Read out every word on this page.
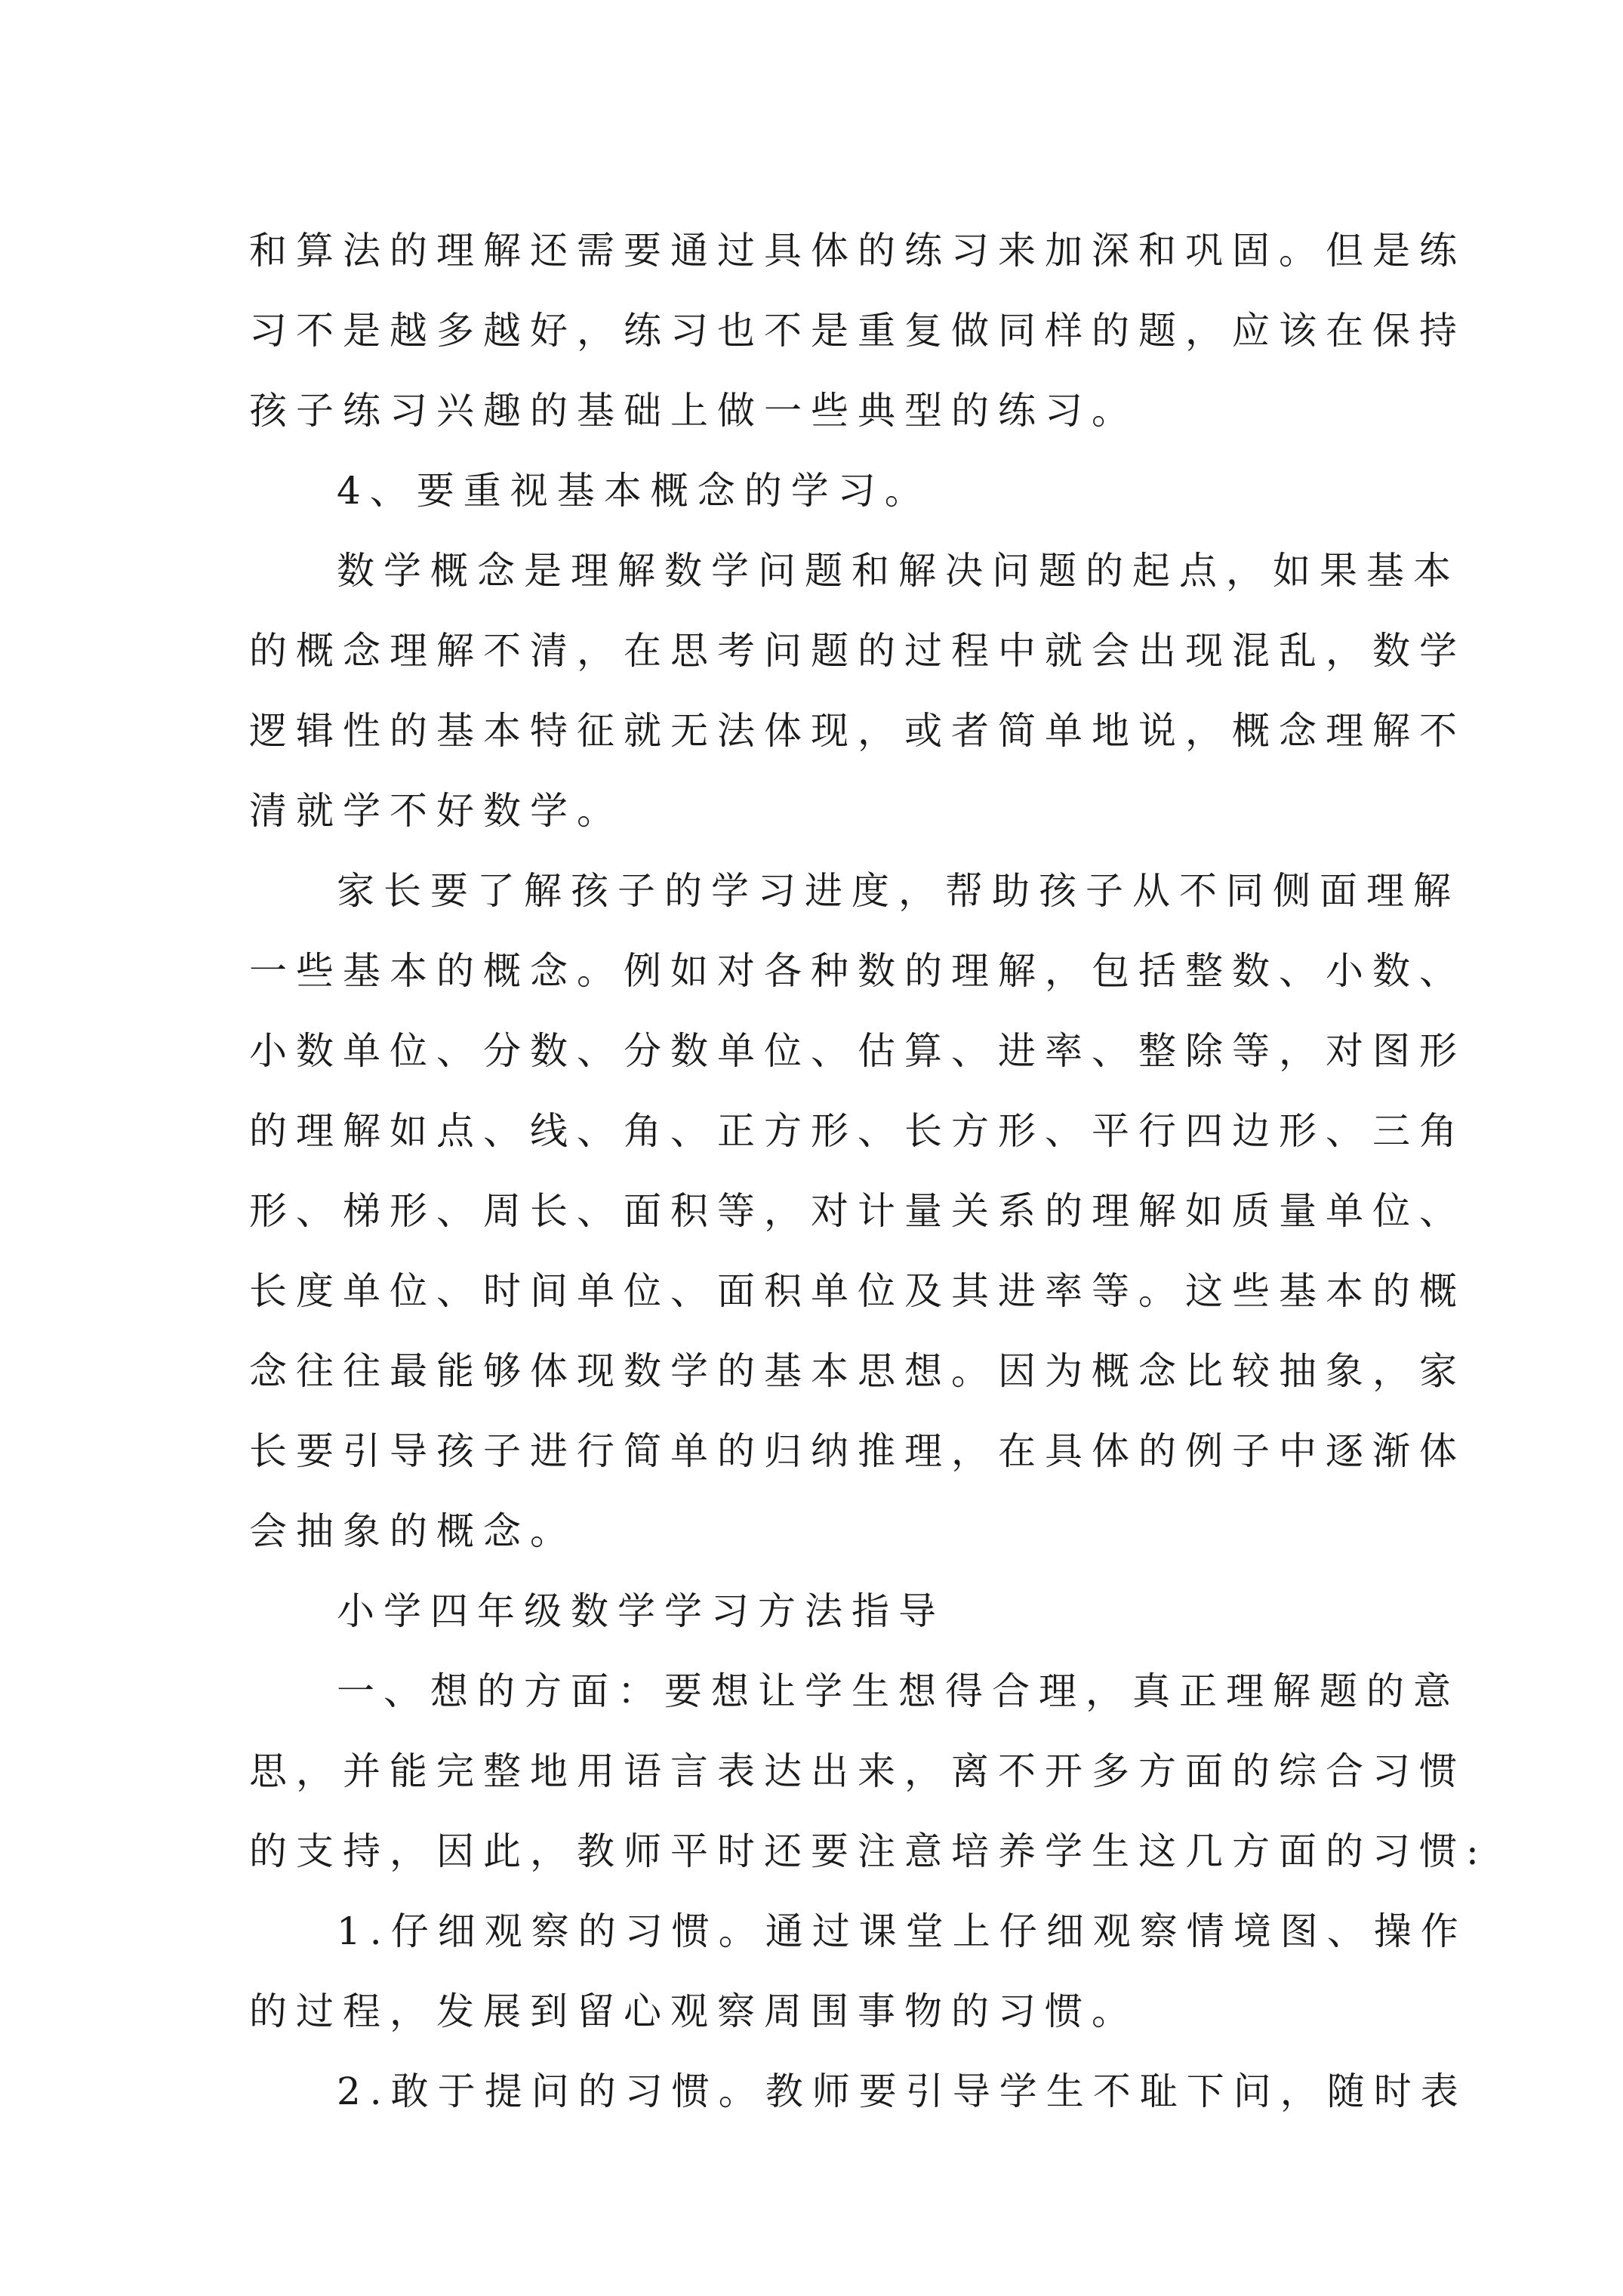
和算法的理解还需要通过具体的练习来加深和巩固。但是练
习不是越多越好，练习也不是重复做同样的题，应该在保持
孩子练习兴趣的基础上做一些典型的练习。
4、要重视基本概念的学习。
数学概念是理解数学问题和解决问题的起点，如果基本
的概念理解不清，在思考问题的过程中就会出现混乱，数学
逻辑性的基本特征就无法体现，或者简单地说，概念理解不
清就学不好数学。
家长要了解孩子的学习进度，帮助孩子从不同侧面理解
一些基本的概念。例如对各种数的理解，包括整数、小数、
小数单位、分数、分数单位、估算、进率、整除等，对图形
的理解如点、线、角、正方形、长方形、平行四边形、三角
形、梯形、周长、面积等，对计量关系的理解如质量单位、
长度单位、时间单位、面积单位及其进率等。这些基本的概
念往往最能够体现数学的基本思想。因为概念比较抽象，家
长要引导孩子进行简单的归纳推理，在具体的例子中逐渐体
会抽象的概念。
小学四年级数学学习方法指导
一、想的方面：要想让学生想得合理，真正理解题的意
思，并能完整地用语言表达出来，离不开多方面的综合习惯
的支持，因此，教师平时还要注意培养学生这几方面的习惯:
1.仔细观察的习惯。通过课堂上仔细观察情境图、操作
的过程，发展到留心观察周围事物的习惯。
2.敢于提问的习惯。教师要引导学生不耻下问，随时表
